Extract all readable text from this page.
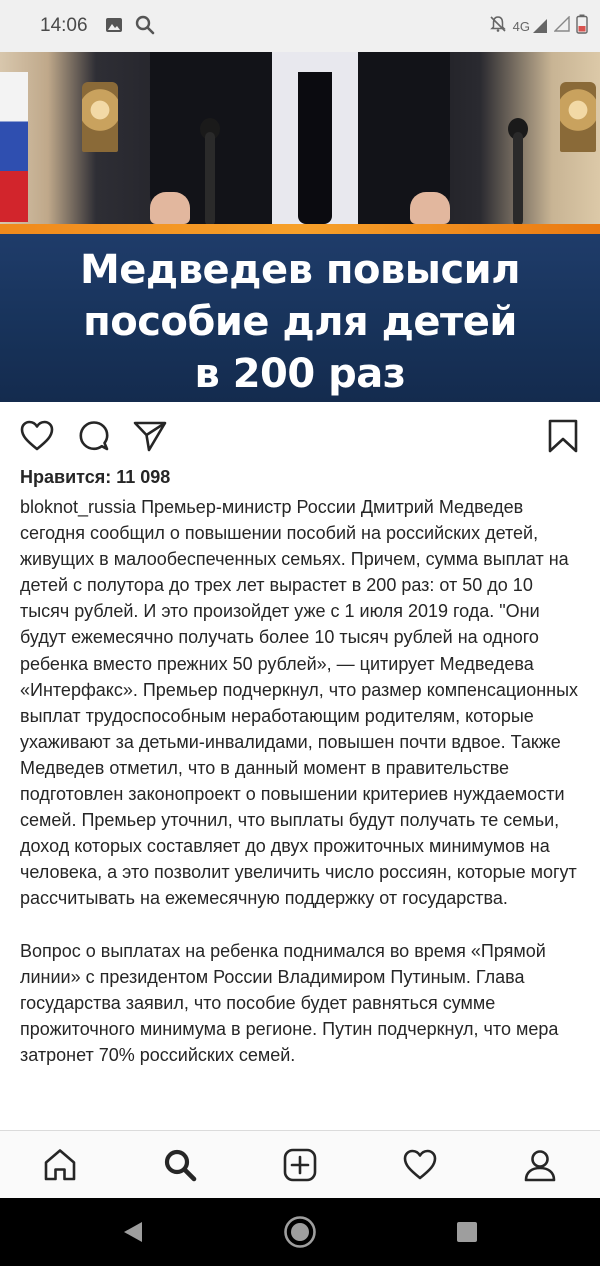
14:06	4G
Медведев повысил
пособие для детей
в 200 раз
Нравится: 11 098

bloknot_russia Премьер-министр России Дмитрий Медведев сегодня сообщил о повышении пособий на российских детей, живущих в малообеспеченных семьях. Причем, сумма выплат на детей с полутора до трех лет вырастет в 200 раз: от 50 до 10 тысяч рублей. И это произойдет уже с 1 июля 2019 года. "Они будут ежемесячно получать более 10 тысяч рублей на одного ребенка вместо прежних 50 рублей», — цитирует Медведева «Интерфакс». Премьер подчеркнул, что размер компенсационных выплат трудоспособным неработающим родителям, которые ухаживают за детьми-инвалидами, повышен почти вдвое. Также Медведев отметил, что в данный момент в правительстве подготовлен законопроект о повышении критериев нуждаемости семей. Премьер уточнил, что выплаты будут получать те семьи, доход которых составляет до двух прожиточных минимумов на человека, а это позволит увеличить число россиян, которые могут рассчитывать на ежемесячную поддержку от государства.

Вопрос о выплатах на ребенка поднимался во время «Прямой линии» с президентом России Владимиром Путиным. Глава государства заявил, что пособие будет равняться сумме прожиточного минимума в регионе. Путин подчеркнул, что мера затронет 70% российских семей.
